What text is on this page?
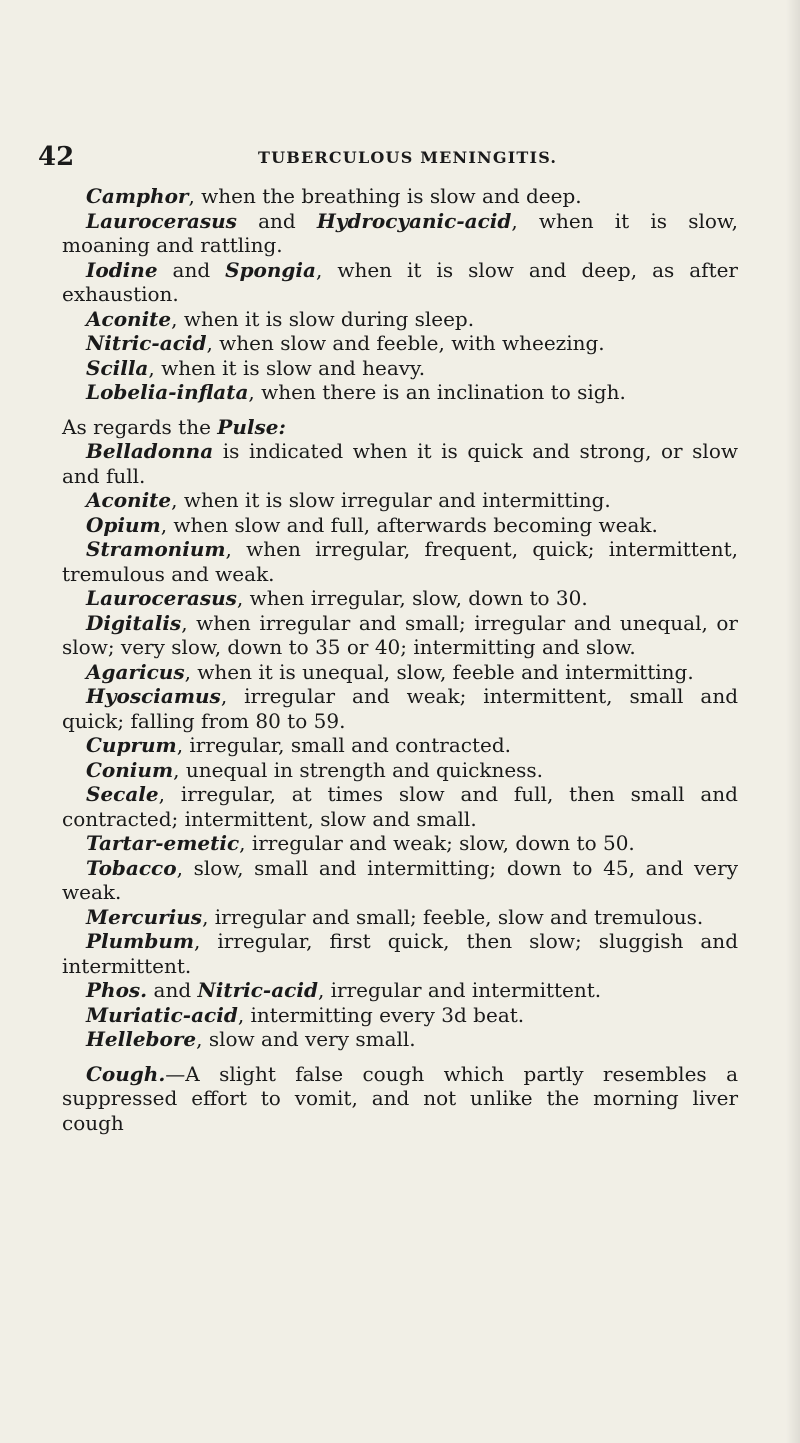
42	TUBERCULOUS MENINGITIS.

Camphor, when the breathing is slow and deep.

Laurocerasus and Hydrocyanic-acid, when it is slow, moaning and rattling.

Iodine and Spongia, when it is slow and deep, as after exhaustion.

Aconite, when it is slow during sleep.

Nitric-acid, when slow and feeble, with wheezing.

Scilla, when it is slow and heavy.

Lobelia-inflata, when there is an inclination to sigh.

As regards the Pulse:

Belladonna is indicated when it is quick and strong, or slow and full.

Aconite, when it is slow irregular and intermitting.

Opium, when slow and full, afterwards becoming weak.

Stramonium, when irregular, frequent, quick; intermittent, tremulous and weak.

Laurocerasus, when irregular, slow, down to 30.

Digitalis, when irregular and small; irregular and unequal, or slow; very slow, down to 35 or 40; intermitting and slow.

Agaricus, when it is unequal, slow, feeble and intermitting.

Hyosciamus, irregular and weak; intermittent, small and quick; falling from 80 to 59.

Cuprum, irregular, small and contracted.

Conium, unequal in strength and quickness.

Secale, irregular, at times slow and full, then small and contracted; intermittent, slow and small.

Tartar-emetic, irregular and weak; slow, down to 50.

Tobacco, slow, small and intermitting; down to 45, and very weak.

Mercurius, irregular and small; feeble, slow and tremulous.

Plumbum, irregular, first quick, then slow; sluggish and intermittent.

Phos. and Nitric-acid, irregular and intermittent.

Muriatic-acid, intermitting every 3d beat.

Hellebore, slow and very small.

Cough.—A slight false cough which partly resembles a suppressed effort to vomit, and not unlike the morning liver cough
